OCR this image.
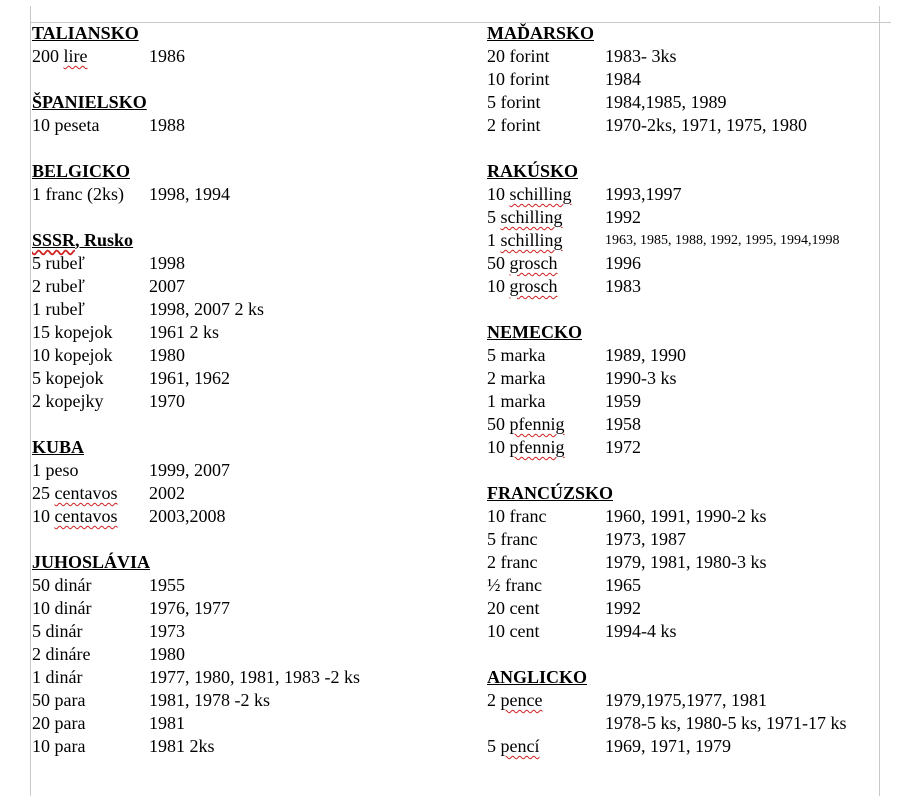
TALIANSKO
200 lire	1986
ŠPANIELSKO
10 peseta	1988
BELGICKO
1 franc (2ks) 1998, 1994
SSSR, Rusko
5 rubeľ	1998
2 rubeľ	2007
1 rubeľ	1998, 2007 2 ks
15 kopejok 1961 2 ks
10 kopejok 1980
5 kopejok	1961, 1962
2 kopejky	1970
KUBA
1 peso	1999, 2007
25 centavos 2002
10 centavos 2003,2008
JUHOSLÁVIA
50 dinár	1955
10 dinár	1976, 1977
5 dinár	1973
2 dináre	1980
1 dinár	1977, 1980, 1981, 1983 -2 ks
50 para	1981, 1978 -2 ks
20 para	1981
10 para	1981 2ks
MAĎARSKO
20 forint	1983- 3ks
10 forint	1984
5 forint	1984,1985, 1989
2 forint	1970-2ks, 1971, 1975, 1980
RAKÚSKO
10 schilling 1993,1997
5 schilling 1992
1 schilling	1963, 1985, 1988, 1992, 1995, 1994,1998
50 grosch	1996
10 grosch	1983
NEMECKO
5 marka	1989, 1990
2 marka	1990-3 ks
1 marka	1959
50 pfennig 1958
10 pfennig 1972
FRANCÚZSKO
10 franc	1960, 1991, 1990-2 ks
5 franc	1973, 1987
2 franc	1979, 1981, 1980-3 ks
½ franc	1965
20 cent	1992
10 cent	1994-4 ks
ANGLICKO
2 pence	1979,1975,1977, 1981
1978-5 ks, 1980-5 ks, 1971-17 ks
5 pencí	1969, 1971, 1979
